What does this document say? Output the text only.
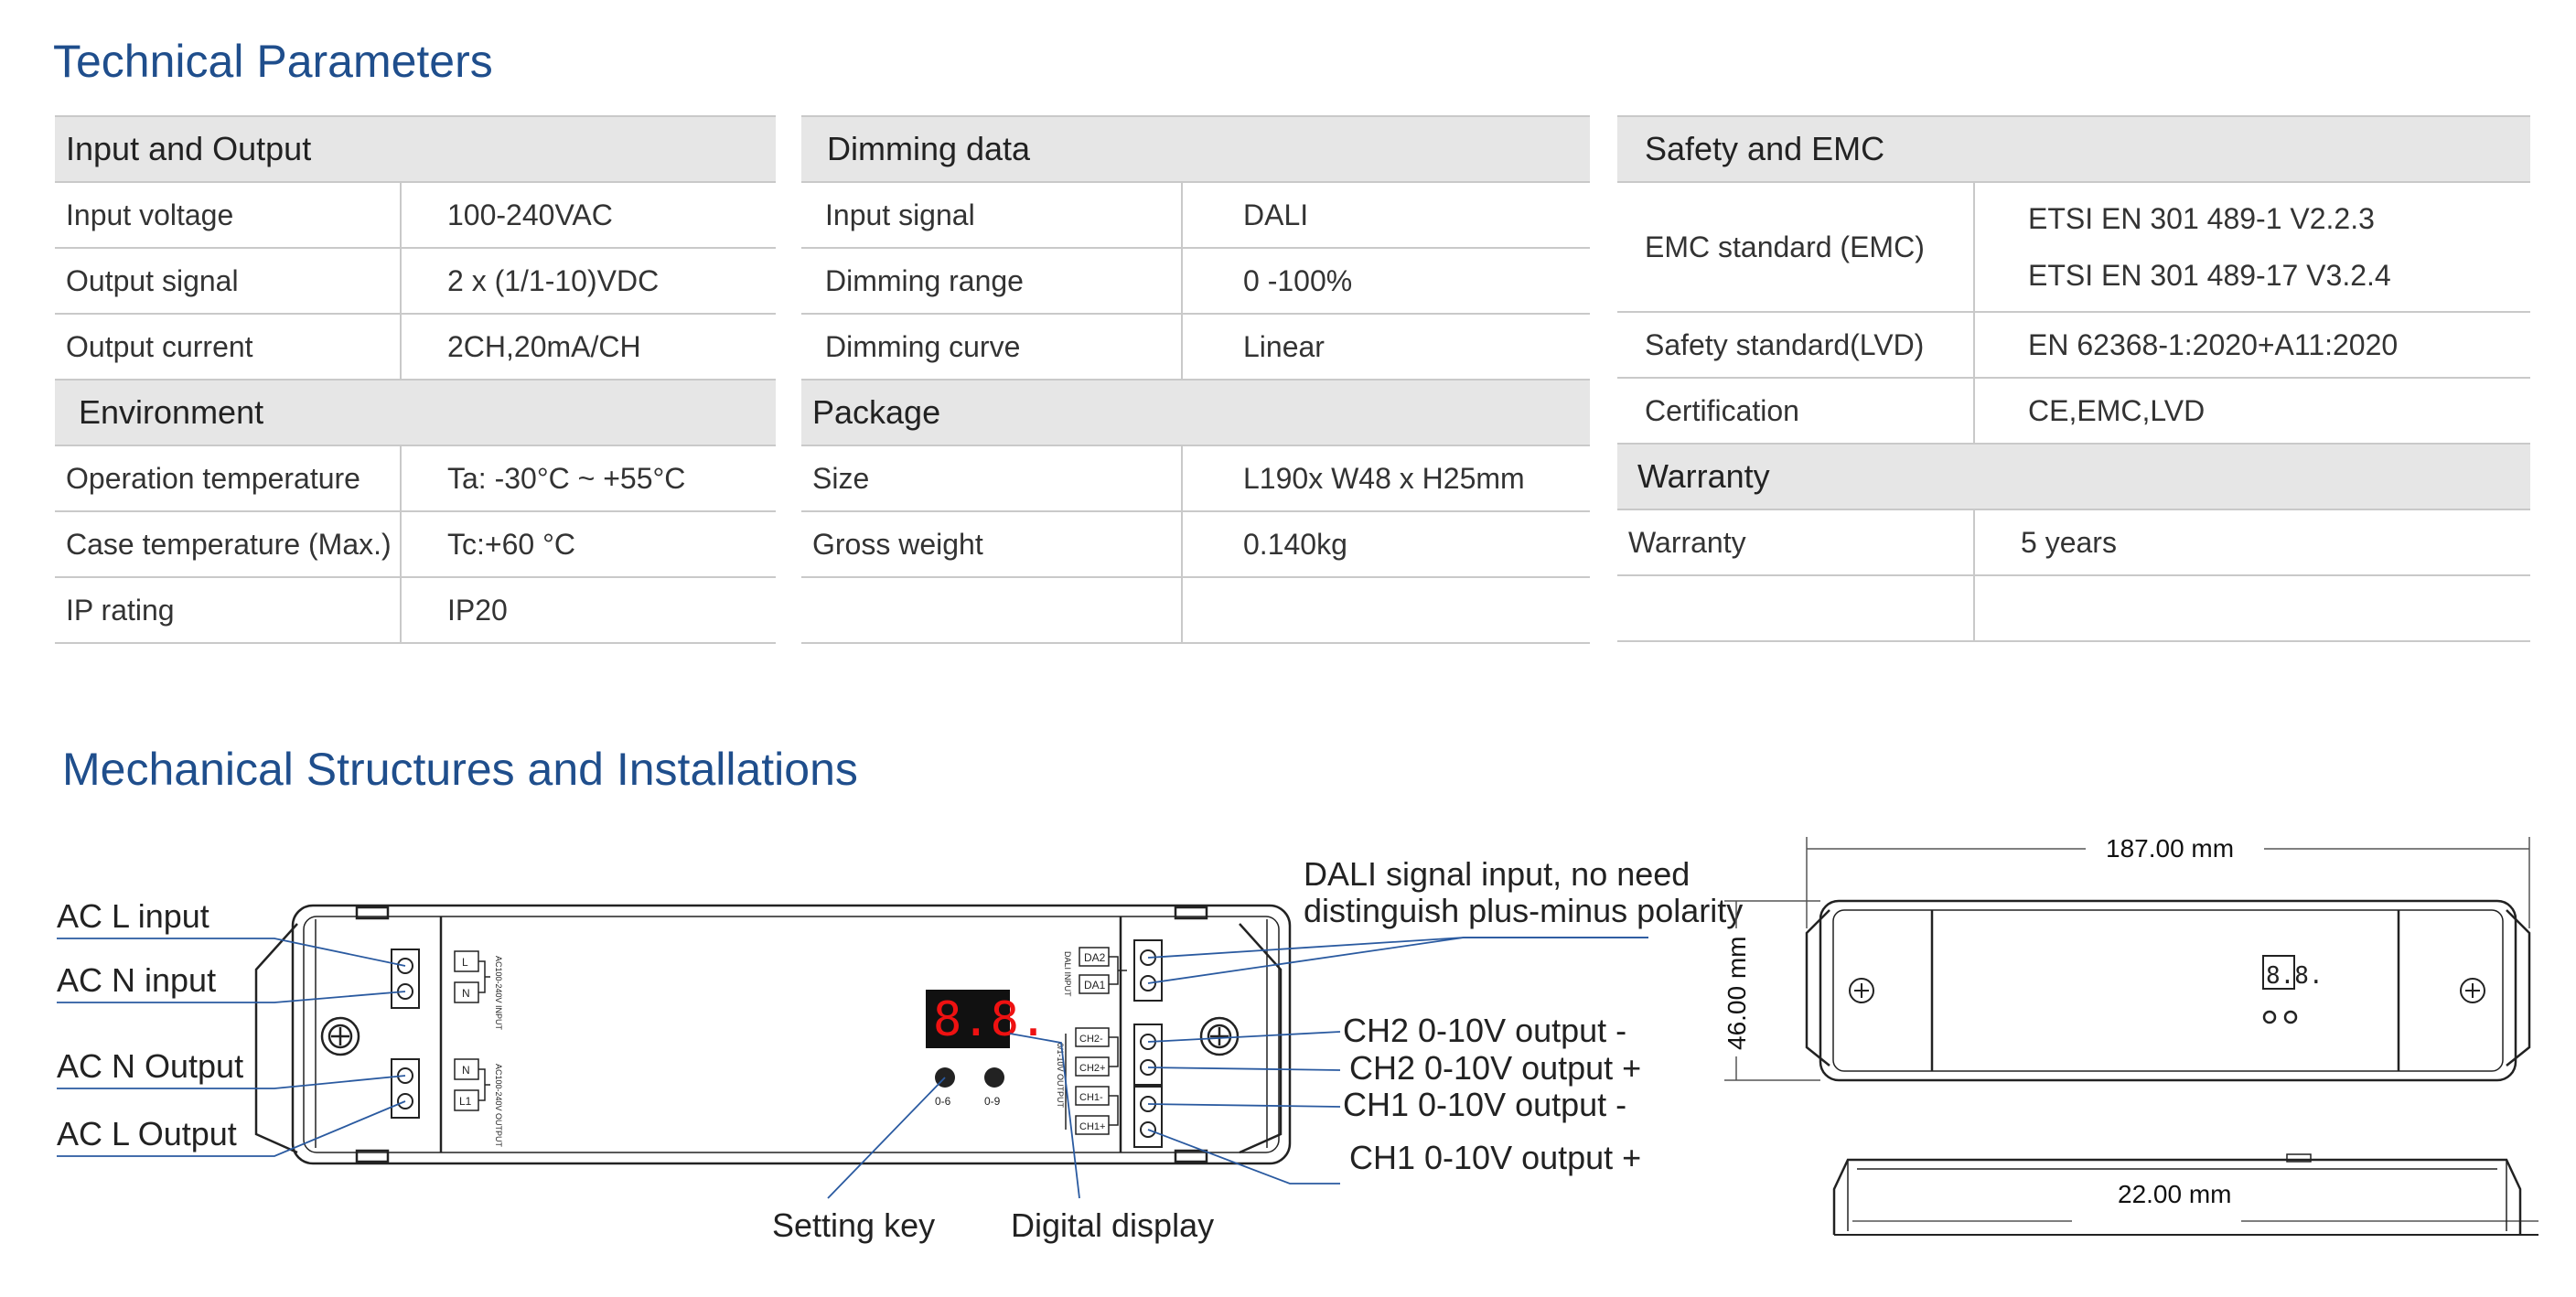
Technical Parameters
Input and Output	
Input voltage	100-240VAC
Output signal	2 x (1/1-10)VDC
Output current	2CH,20mA/CH
Environment	
Operation temperature	Ta: -30°C ~ +55°C
Case temperature (Max.)	Tc:+60 °C
IP rating	IP20
Dimming data	
Input signal	DALI
Dimming range	0 -100%
Dimming curve	Linear
Package	
Size	L190x W48 x H25mm
Gross weight	0.140kg

Safety and EMC	
EMC standard (EMC)	ETSI EN 301 489-1 V2.2.3
ETSI EN 301 489-17 V3.2.4

Safety standard(LVD)	EN 62368-1:2020+A11:2020
Certification	CE,EMC,LVD
Warranty	
Warranty	5 years

Mechanical Structures and Installations
L
N
N
L1
AC100-240V INPUT
AC100-240V OUTPUT
DA2
DA1
CH2-
CH2+
CH1-
CH1+
DALI INPUT
0/1-10V OUTPUT
8.8.
0-6	0-9
AC L input
AC N input
AC N Output
AC L Output
DALI signal input, no need
distinguish plus-minus polarity
CH2 0-10V output -
CH2 0-10V output +
CH1 0-10V output -
CH1 0-10V output +
Setting key Digital display
8.8.
187.00 mm
46.00 mm
22.00 mm
